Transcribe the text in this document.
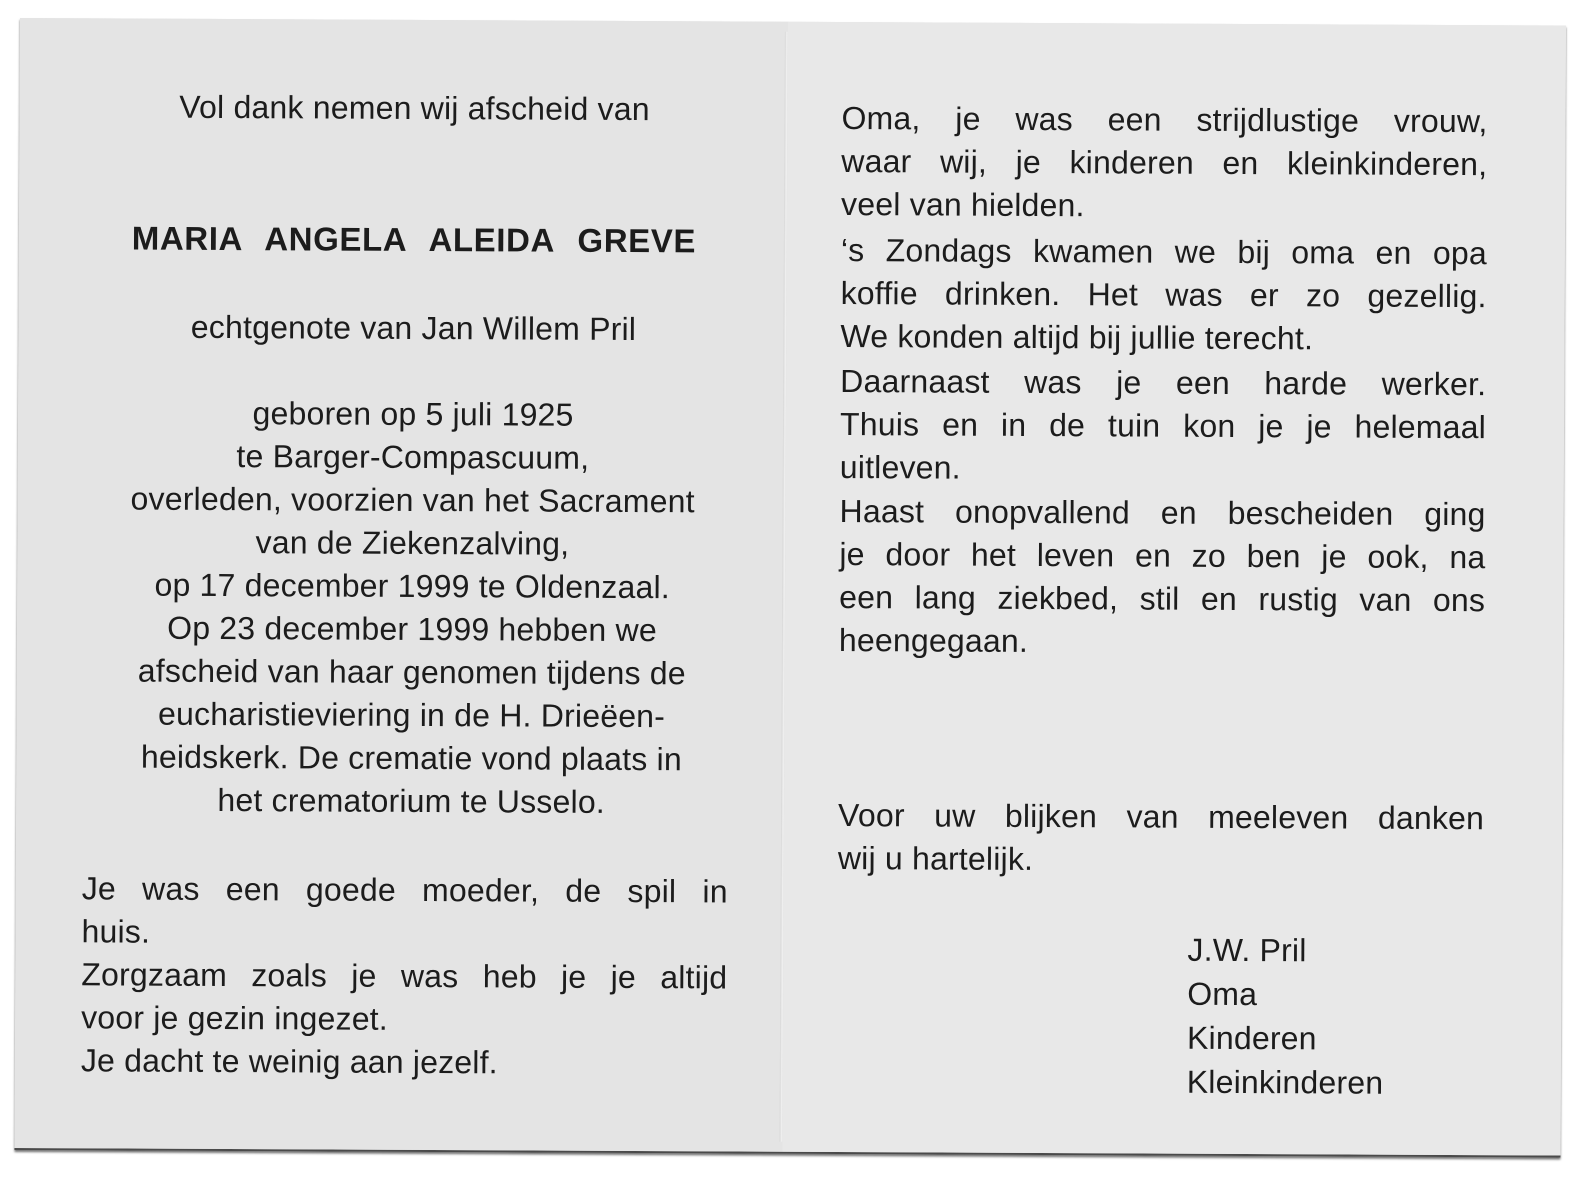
Vol dank nemen wij afscheid van
MARIA ANGELA ALEIDA GREVE
echtgenote van Jan Willem Pril
geboren op 5 juli 1925
te Barger-Compascuum,
overleden, voorzien van het Sacrament
van de Ziekenzalving,
op 17 december 1999 te Oldenzaal.
Op 23 december 1999 hebben we
afscheid van haar genomen tijdens de
eucharistieviering in de H. Drieëen-
heidskerk. De crematie vond plaats in
het crematorium te Usselo.
Je was een goede moeder, de spil in
huis.
Zorgzaam zoals je was heb je je altijd
voor je gezin ingezet.
Je dacht te weinig aan jezelf.
Oma, je was een strijdlustige vrouw,
waar wij, je kinderen en kleinkinderen,
veel van hielden.
‘s Zondags kwamen we bij oma en opa
koffie drinken. Het was er zo gezellig.
We konden altijd bij jullie terecht.
Daarnaast was je een harde werker.
Thuis en in de tuin kon je je helemaal
uitleven.
Haast onopvallend en bescheiden ging
je door het leven en zo ben je ook, na
een lang ziekbed, stil en rustig van ons
heengegaan.
Voor uw blijken van meeleven danken
wij u hartelijk.
J.W. Pril
Oma
Kinderen
Kleinkinderen
